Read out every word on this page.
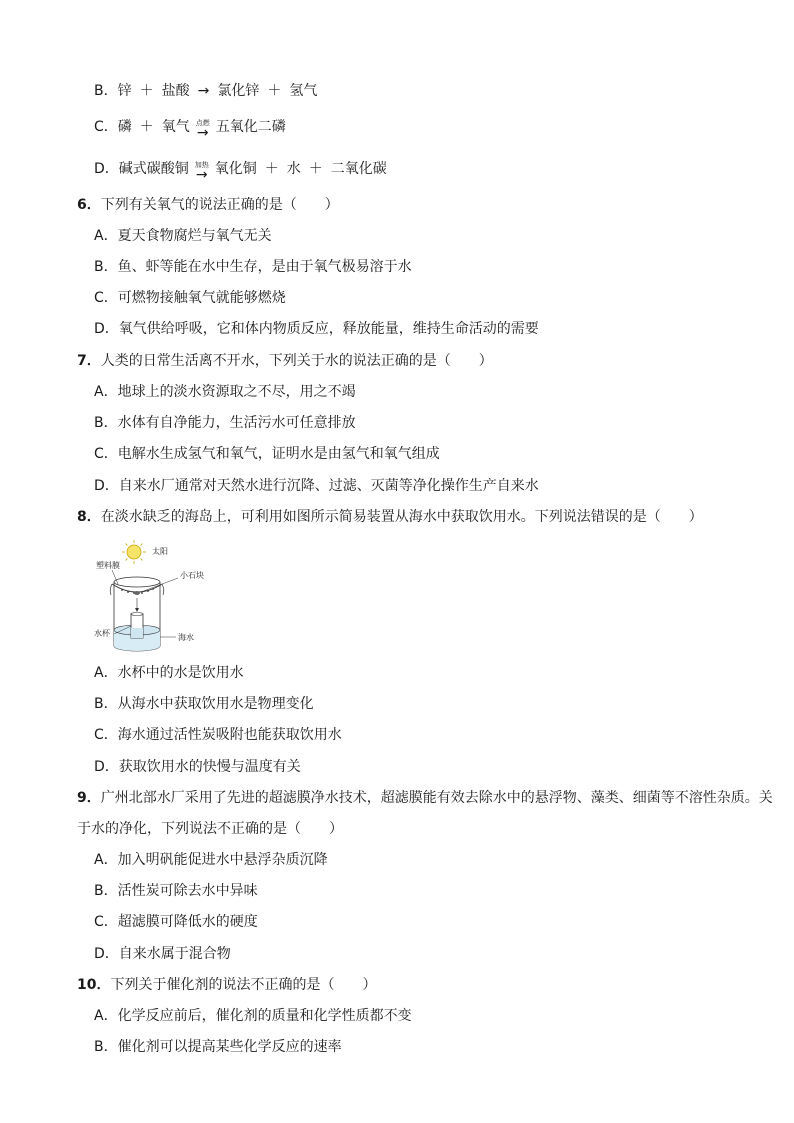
B． 锌 ＋ 盐酸 → 氯化锌 ＋ 氢气
C． 磷 ＋ 氧气 点燃
→ 五氧化二磷
D． 碱式碳酸铜 加热
→ 氧化铜 ＋ 水 ＋ 二氧化碳
6．下列有关氧气的说法正确的是（　　）
A．夏天食物腐烂与氧气无关
B．鱼、虾等能在水中生存，是由于氧气极易溶于水
C．可燃物接触氧气就能够燃烧
D．氧气供给呼吸，它和体内物质反应，释放能量，维持生命活动的需要
7．人类的日常生活离不开水，下列关于水的说法正确的是（　　）
A．地球上的淡水资源取之不尽，用之不竭
B．水体有自净能力，生活污水可任意排放
C．电解水生成氢气和氧气，证明水是由氢气和氧气组成
D．自来水厂通常对天然水进行沉降、过滤、灭菌等净化操作生产自来水
8．在淡水缺乏的海岛上，可利用如图所示简易装置从海水中获取饮用水。下列说法错误的是（　　）
太阳
小石块
塑料膜
水杯	海水
A．水杯中的水是饮用水
B．从海水中获取饮用水是物理变化
C．海水通过活性炭吸附也能获取饮用水
D．获取饮用水的快慢与温度有关
9．广州北部水厂采用了先进的超滤膜净水技术，超滤膜能有效去除水中的悬浮物、藻类、细菌等不溶性杂质。关于水的净化，下列说法不正确的是（　　）
A．加入明矾能促进水中悬浮杂质沉降
B．活性炭可除去水中异味
C．超滤膜可降低水的硬度
D．自来水属于混合物
10．下列关于催化剂的说法不正确的是（　　）
A．化学反应前后，催化剂的质量和化学性质都不变
B．催化剂可以提高某些化学反应的速率
